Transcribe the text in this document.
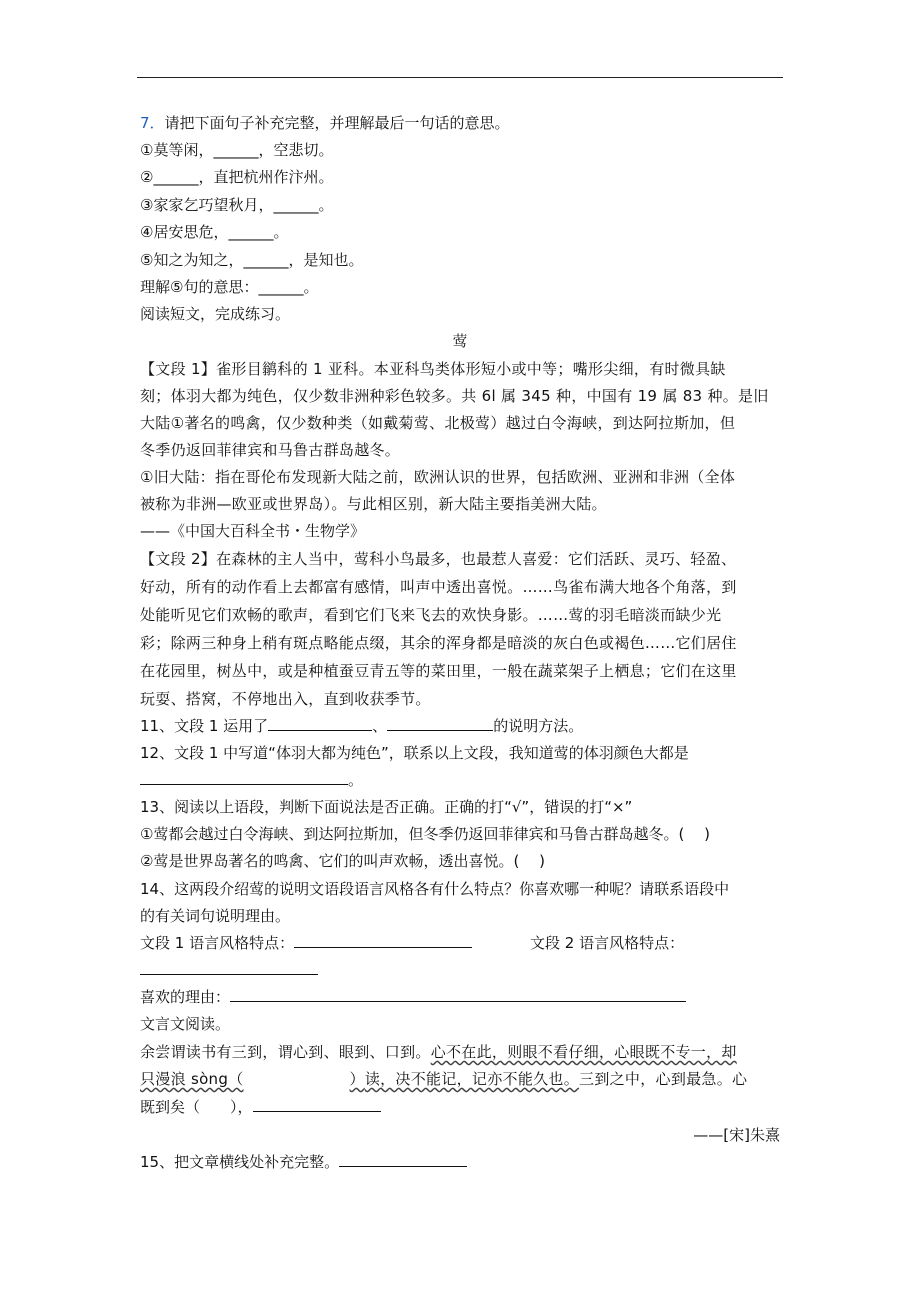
7．请把下面句子补充完整，并理解最后一句话的意思。
①莫等闲，______，空悲切。
②______，直把杭州作汴州。
③家家乞巧望秋月，______。
④居安思危，______。
⑤知之为知之，______，是知也。
理解⑤句的意思：______。
阅读短文，完成练习。
莺
【文段 1】雀形目鹟科的 1 亚科。本亚科鸟类体形短小或中等；嘴形尖细，有时微具缺
刻；体羽大都为纯色，仅少数非洲种彩色较多。共 6l 属 345 种，中国有 19 属 83 种。是旧
大陆①著名的鸣禽，仅少数种类（如戴菊莺、北极莺）越过白令海峡，到达阿拉斯加，但
冬季仍返回菲律宾和马鲁古群岛越冬。
①旧大陆：指在哥伦布发现新大陆之前，欧洲认识的世界，包括欧洲、亚洲和非洲（全体
被称为非洲—欧亚或世界岛）。与此相区别，新大陆主要指美洲大陆。
——《中国大百科全书・生物学》
【文段 2】在森林的主人当中，莺科小鸟最多，也最惹人喜爱：它们活跃、灵巧、轻盈、
好动，所有的动作看上去都富有感情，叫声中透出喜悦。……鸟雀布满大地各个角落，到
处能听见它们欢畅的歌声，看到它们飞来飞去的欢快身影。……莺的羽毛暗淡而缺少光
彩；除两三种身上稍有斑点略能点缀，其余的浑身都是暗淡的灰白色或褐色……它们居住
在花园里，树丛中，或是种植蚕豆青五等的菜田里，一般在蔬菜架子上栖息；它们在这里
玩耍、搭窝，不停地出入，直到收获季节。
11、文段 1 运用了	、	的说明方法。
12、文段 1 中写道“体羽大都为纯色”，联系以上文段，我知道莺的体羽颜色大都是
。
13、阅读以上语段，判断下面说法是否正确。正确的打“√”，错误的打“×”
①莺都会越过白令海峡、到达阿拉斯加，但冬季仍返回菲律宾和马鲁古群岛越冬。(　 )
②莺是世界岛著名的鸣禽、它们的叫声欢畅，透出喜悦。(　 )
14、这两段介绍莺的说明文语段语言风格各有什么特点？你喜欢哪一种呢？请联系语段中
的有关词句说明理由。
文段 1 语言风格特点：	文段 2 语言风格特点：
喜欢的理由：
文言文阅读。
余尝谓读书有三到，谓心到、眼到、口到。心不在此，则眼不看仔细，心眼既不专一，却
只漫浪 sòng（	）读，决不能记，记亦不能久也。三到之中，心到最急。心
既到矣（　　），
——[宋]朱熹
15、把文章横线处补充完整。
